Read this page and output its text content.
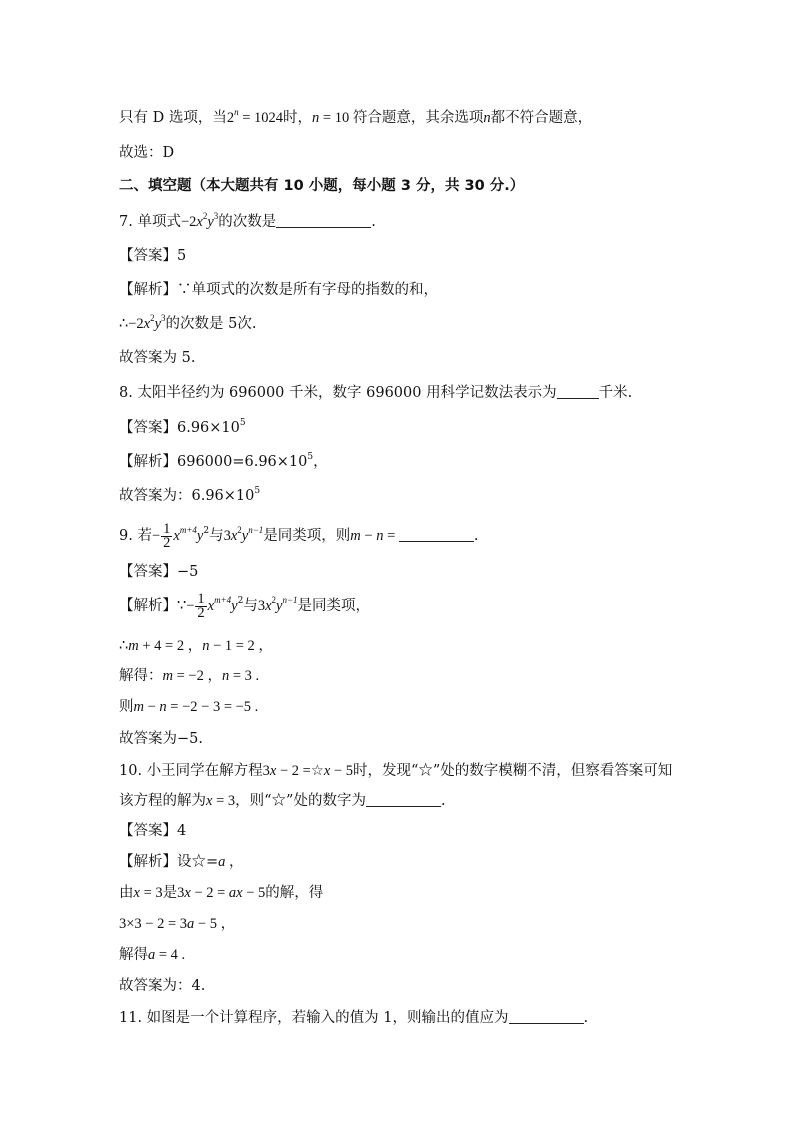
只有 D 选项，当$2^n = 1024$时，n = 10 符合题意，其余选项n都不符合题意，
故选：D
二、填空题（本大题共有 10 小题，每小题 3 分，共 30 分.）
7. 单项式$-2x^2y^3$的次数是	.
【答案】5
【解析】∵单项式的次数是所有字母的指数的和，
$\therefore-2x^2y^3$的次数是 5次.
故答案为 5.
8. 太阳半径约为 696000 千米，数字 696000 用科学记数法表示为	千米.
【答案】$6.96\times 10^5$
【解析】$696000=6.96\times 10^5$，
故答案为：$6.96\times 10^5$
9. 若− $\frac{1}{2} x^{m+4}y^2$与$3x^2y^{n-1}$是同类项，则m − n =	.
【答案】−5
【解析】∵− $\frac{1}{2} x^{m+4}y^2$与$3x^2y^{n-1}$是同类项，
∴m + 4 = 2 ，n − 1 = 2 ，
解得：m = −2 ，n = 3 .
则m − n = −2 − 3 = −5 .
故答案为−5.
10. 小王同学在解方程3x − 2 =☆x − 5时，发现“☆”处的数字模糊不清，但察看答案可知
该方程的解为x = 3，则“☆”处的数字为	.
【答案】4
【解析】设☆=a ，
由x = 3是3x − 2 = ax − 5的解，得
3×3 − 2 = 3a − 5 ，
解得a = 4 .
故答案为：4.
11. 如图是一个计算程序，若输入的值为 1，则输出的值应为	.
